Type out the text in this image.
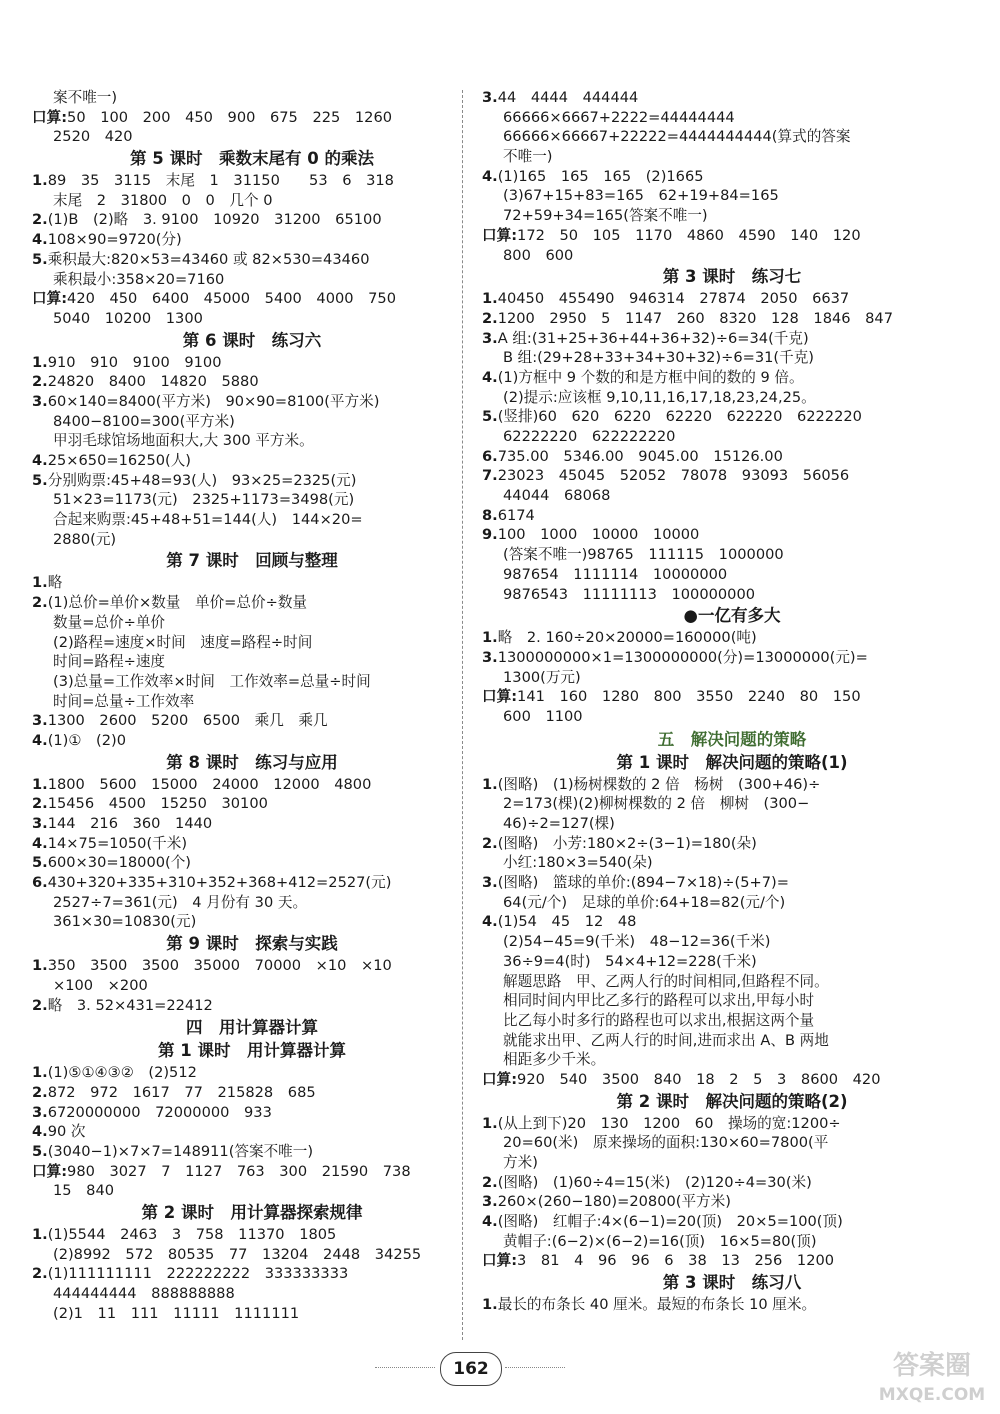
案不唯一)
口算:50　100　200　450　900　675　225　1260
2520　420
第 5 课时　乘数末尾有 0 的乘法
1.89　35　3115　末尾　1　31150　　53　6　318
末尾　2　31800　0　0　几个 0
2.(1)B　(2)略　3. 9100　10920　31200　65100
4.108×90=9720(分)
5.乘积最大:820×53=43460 或 82×530=43460
乘积最小:358×20=7160
口算:420　450　6400　45000　5400　4000　750
5040　10200　1300
第 6 课时　练习六
1.910　910　9100　9100
2.24820　8400　14820　5880
3.60×140=8400(平方米)　90×90=8100(平方米)
8400−8100=300(平方米)
甲羽毛球馆场地面积大,大 300 平方米。
4.25×650=16250(人)
5.分别购票:45+48=93(人)　93×25=2325(元)
51×23=1173(元)　2325+1173=3498(元)
合起来购票:45+48+51=144(人)　144×20=
2880(元)
第 7 课时　回顾与整理
1.略
2.(1)总价=单价×数量　单价=总价÷数量
数量=总价÷单价
(2)路程=速度×时间　速度=路程÷时间
时间=路程÷速度
(3)总量=工作效率×时间　工作效率=总量÷时间
时间=总量÷工作效率
3.1300　2600　5200　6500　乘几　乘几
4.(1)①　(2)0
第 8 课时　练习与应用
1.1800　5600　15000　24000　12000　4800
2.15456　4500　15250　30100
3.144　216　360　1440
4.14×75=1050(千米)
5.600×30=18000(个)
6.430+320+335+310+352+368+412=2527(元)
2527÷7=361(元)　4 月份有 30 天。
361×30=10830(元)
第 9 课时　探索与实践
1.350　3500　3500　35000　70000　×10　×10
×100　×200
2.略　3. 52×431=22412
四　用计算器计算
第 1 课时　用计算器计算
1.(1)⑤①④③②　(2)512
2.872　972　1617　77　215828　685
3.6720000000　72000000　933
4.90 次
5.(3040−1)×7×7=148911(答案不唯一)
口算:980　3027　7　1127　763　300　21590　738
15　840
第 2 课时　用计算器探索规律
1.(1)5544　2463　3　758　11370　1805
(2)8992　572　80535　77　13204　2448　34255
2.(1)111111111　222222222　333333333
444444444　888888888
(2)1　11　111　11111　1111111
3.44　4444　444444
66666×6667+2222=44444444
66666×66667+22222=4444444444(算式的答案
不唯一)
4.(1)165　165　165　(2)1665
(3)67+15+83=165　62+19+84=165
72+59+34=165(答案不唯一)
口算:172　50　105　1170　4860　4590　140　120
800　600
第 3 课时　练习七
1.40450　455490　946314　27874　2050　6637
2.1200　2950　5　1147　260　8320　128　1846　847
3.A 组:(31+25+36+44+36+32)÷6=34(千克)
B 组:(29+28+33+34+30+32)÷6=31(千克)
4.(1)方框中 9 个数的和是方框中间的数的 9 倍。
(2)提示:应该框 9,10,11,16,17,18,23,24,25。
5.(竖排)60　620　6220　62220　622220　6222220
62222220　622222220
6.735.00　5346.00　9045.00　15126.00
7.23023　45045　52052　78078　93093　56056
44044　68068
8.6174
9.100　1000　10000　10000
(答案不唯一)98765　111115　1000000
987654　1111114　10000000
9876543　11111113　100000000
●一亿有多大
1.略　2. 160÷20×20000=160000(吨)
3.1300000000×1=1300000000(分)=13000000(元)=
1300(万元)
口算:141　160　1280　800　3550　2240　80　150
600　1100
五　解决问题的策略
第 1 课时　解决问题的策略(1)
1.(图略)　(1)杨树棵数的 2 倍　杨树　(300+46)÷
2=173(棵)(2)柳树棵数的 2 倍　柳树　(300−
46)÷2=127(棵)
2.(图略)　小芳:180×2÷(3−1)=180(朵)
小红:180×3=540(朵)
3.(图略)　篮球的单价:(894−7×18)÷(5+7)=
64(元/个)　足球的单价:64+18=82(元/个)
4.(1)54　45　12　48
(2)54−45=9(千米)　48−12=36(千米)
36÷9=4(时)　54×4+12=228(千米)
解题思路　甲、乙两人行的时间相同,但路程不同。
相同时间内甲比乙多行的路程可以求出,甲每小时
比乙每小时多行的路程也可以求出,根据这两个量
就能求出甲、乙两人行的时间,进而求出 A、B 两地
相距多少千米。
口算:920　540　3500　840　18　2　5　3　8600　420
第 2 课时　解决问题的策略(2)
1.(从上到下)20　130　1200　60　操场的宽:1200÷
20=60(米)　原来操场的面积:130×60=7800(平
方米)
2.(图略)　(1)60÷4=15(米)　(2)120÷4=30(米)
3.260×(260−180)=20800(平方米)
4.(图略)　红帽子:4×(6−1)=20(顶)　20×5=100(顶)
黄帽子:(6−2)×(6−2)=16(顶)　16×5=80(顶)
口算:3　81　4　96　96　6　38　13　256　1200
第 3 课时　练习八
1.最长的布条长 40 厘米。最短的布条长 10 厘米。
162	答案圈
MXQE.COM
